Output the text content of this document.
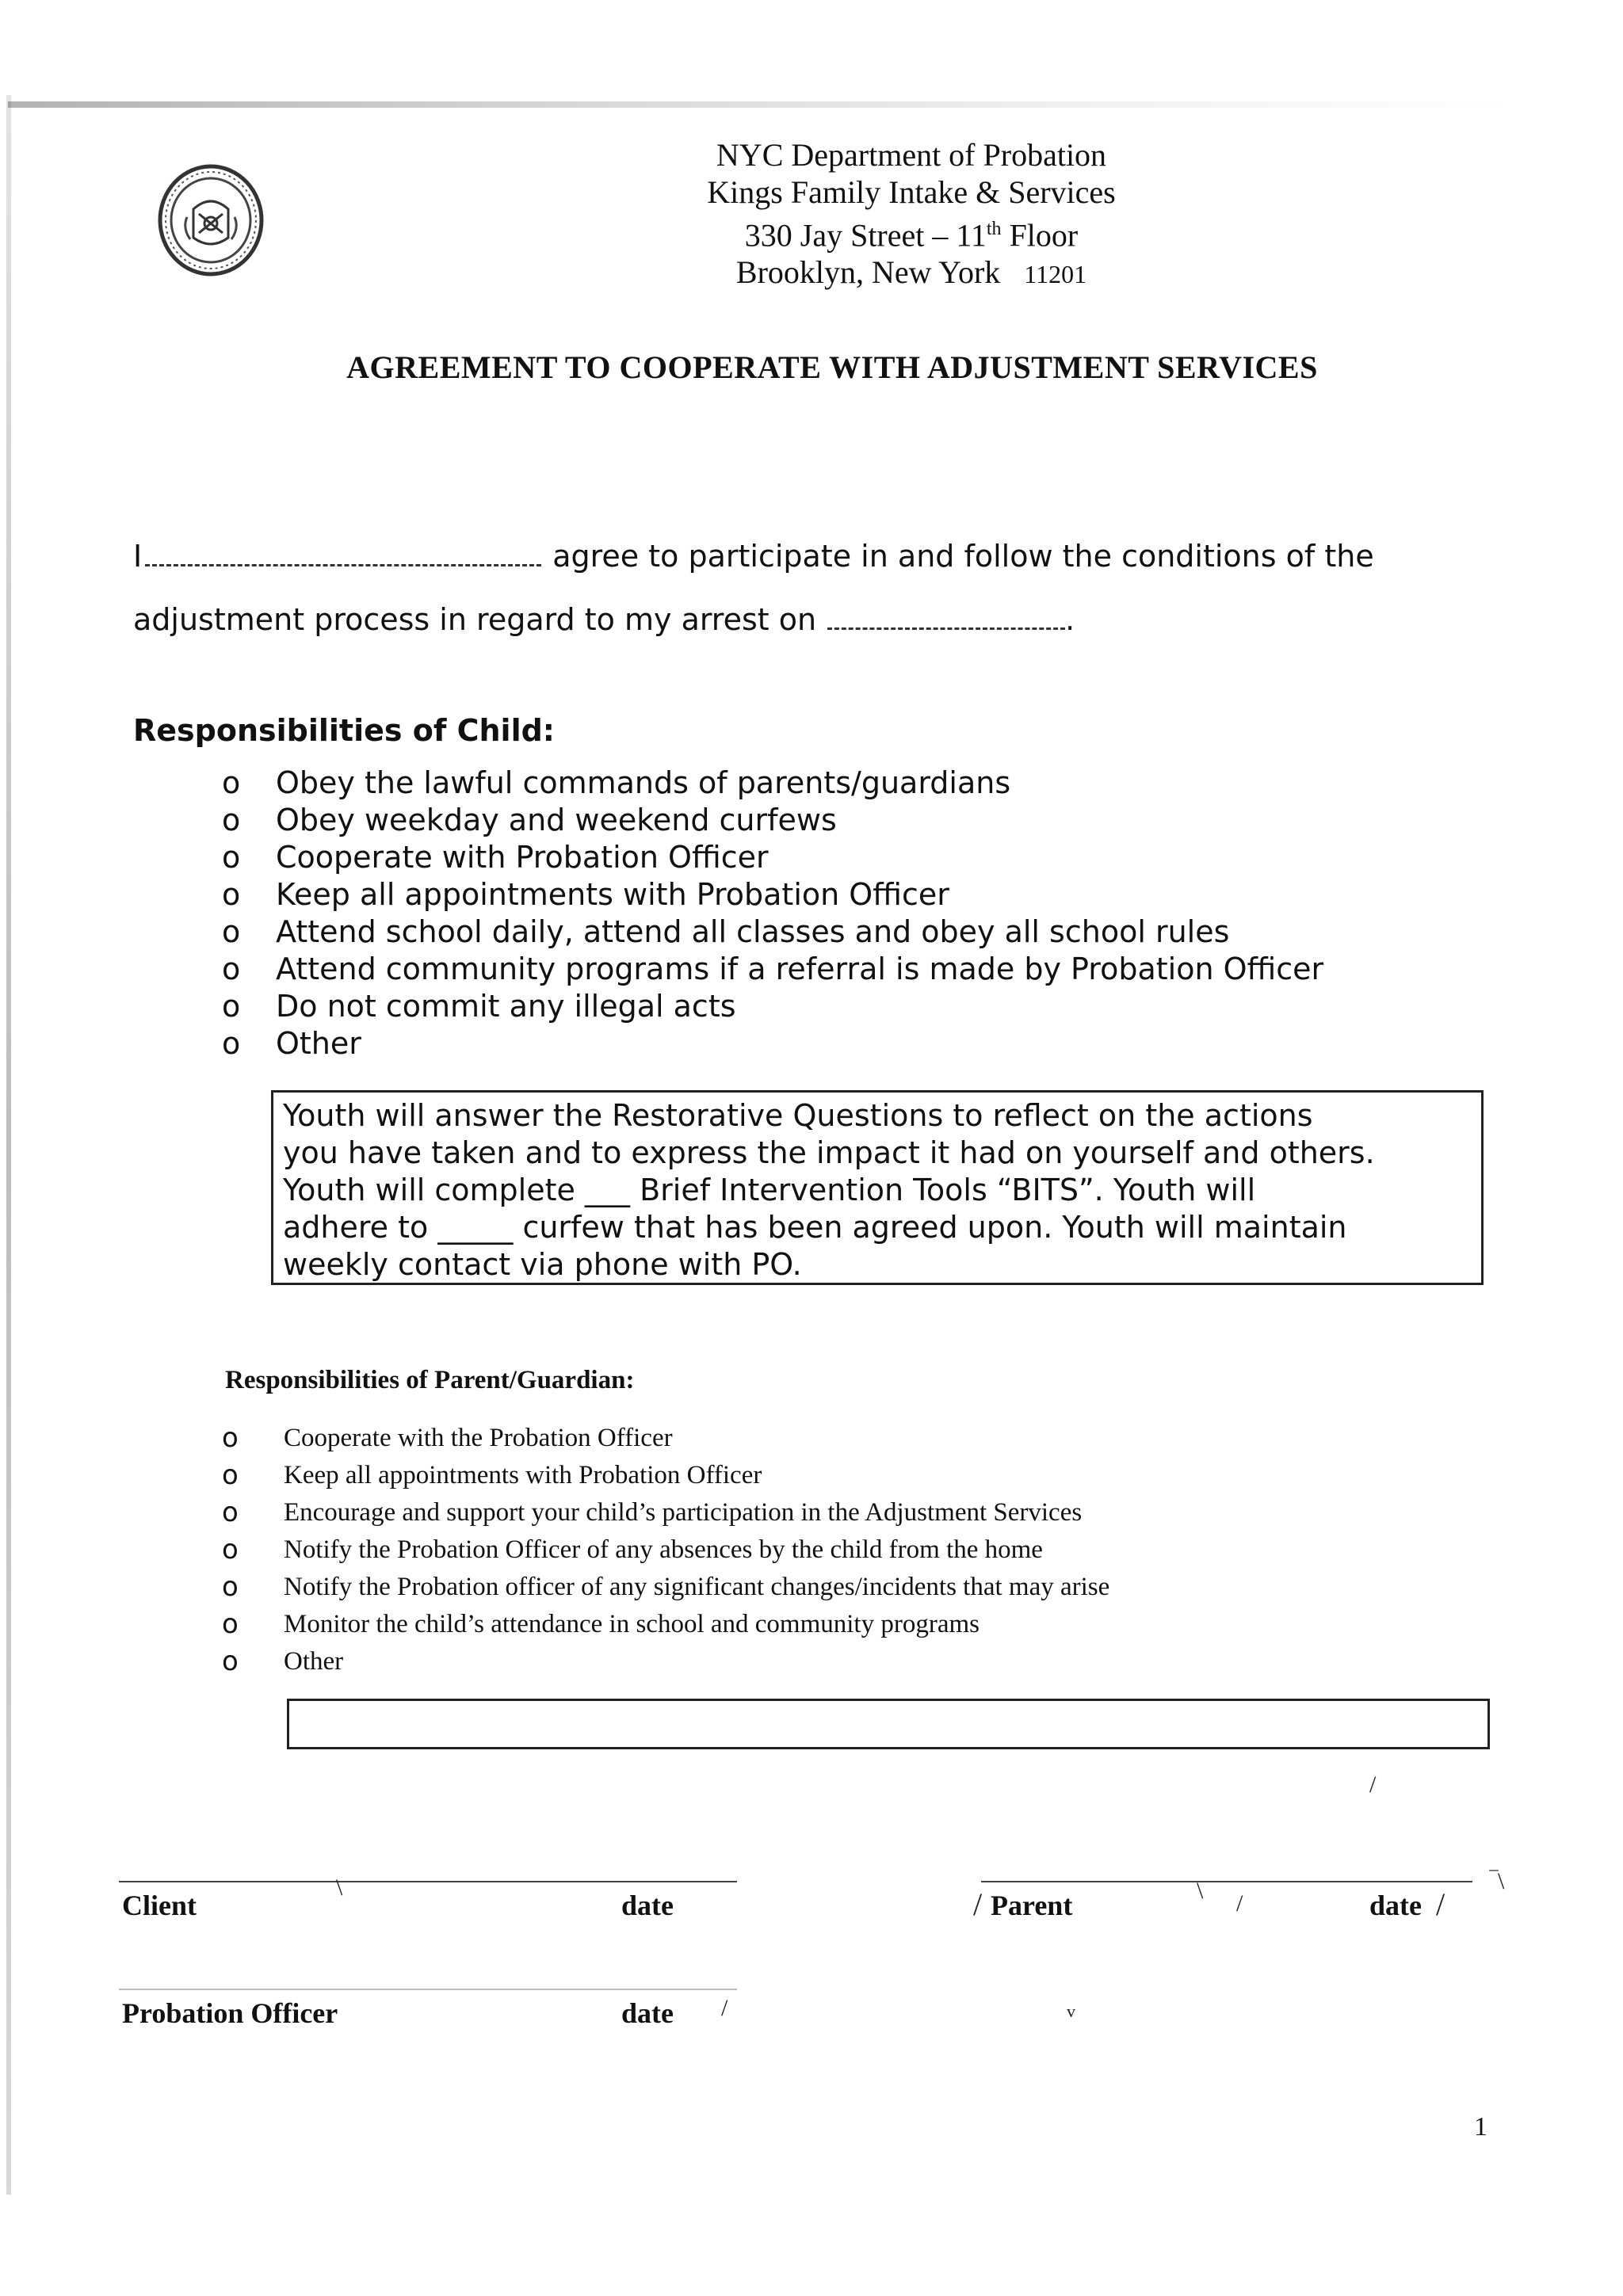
NYC Department of Probation
Kings Family Intake & Services
330 Jay Street – 11th Floor
Brooklyn, New York 11201
AGREEMENT TO COOPERATE WITH ADJUSTMENT SERVICES
I	agree to participate in and follow the conditions of the
adjustment process in regard to my arrest on	.
Responsibilities of Child:
o Obey the lawful commands of parents/guardians
o Obey weekday and weekend curfews
o Cooperate with Probation Officer
o Keep all appointments with Probation Officer
o Attend school daily, attend all classes and obey all school rules
o Attend community programs if a referral is made by Probation Officer
o Do not commit any illegal acts
o Other
Youth will answer the Restorative Questions to reflect on the actions
you have taken and to express the impact it had on yourself and others.
Youth will complete ___ Brief Intervention Tools “BITS”. Youth will
adhere to _____ curfew that has been agreed upon. Youth will maintain
weekly contact via phone with PO.
Responsibilities of Parent/Guardian:
o Cooperate with the Probation Officer
o Keep all appointments with Probation Officer
o Encourage and support your child’s participation in the Adjustment Services
o Notify the Probation Officer of any absences by the child from the home
o Notify the Probation officer of any significant changes/incidents that may arise
o Monitor the child’s attendance in school and community programs
o Other
/
Client
\
date	/ Parent	\ /	date /
‾\
Probation Officer	date /	v
1
